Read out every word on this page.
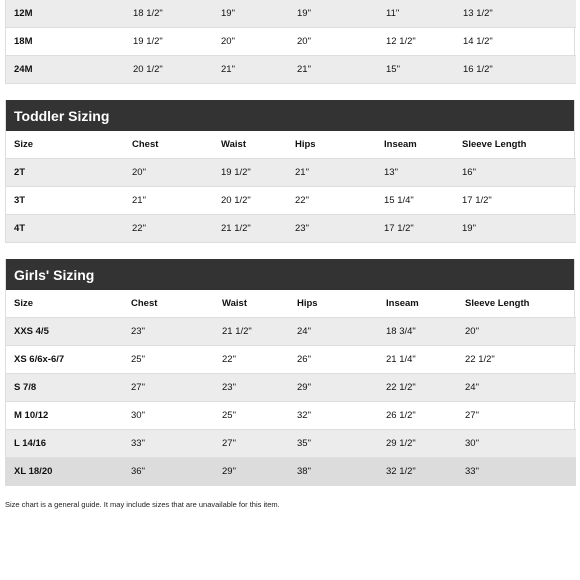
12M	18 1/2"	19"	19"	11"	13 1/2"
18M	19 1/2"	20"	20"	12 1/2"	14 1/2"
24M	20 1/2"	21"	21"	15"	16 1/2"
Toddler Sizing
Size	Chest	Waist	Hips	Inseam	Sleeve Length
2T	20"	19 1/2"	21"	13"	16"
3T	21"	20 1/2"	22"	15 1/4"	17 1/2"
4T	22"	21 1/2"	23"	17 1/2"	19"
Girls' Sizing
Size	Chest	Waist	Hips	Inseam	Sleeve Length
XXS 4/5	23"	21 1/2"	24"	18 3/4"	20"
XS 6/6x-6/7	25"	22"	26"	21 1/4"	22 1/2"
S 7/8	27"	23"	29"	22 1/2"	24"
M 10/12	30"	25"	32"	26 1/2"	27"
L 14/16	33"	27"	35"	29 1/2"	30"
XL 18/20	36"	29"	38"	32 1/2"	33"
Size chart is a general guide. It may include sizes that are unavailable for this item.
